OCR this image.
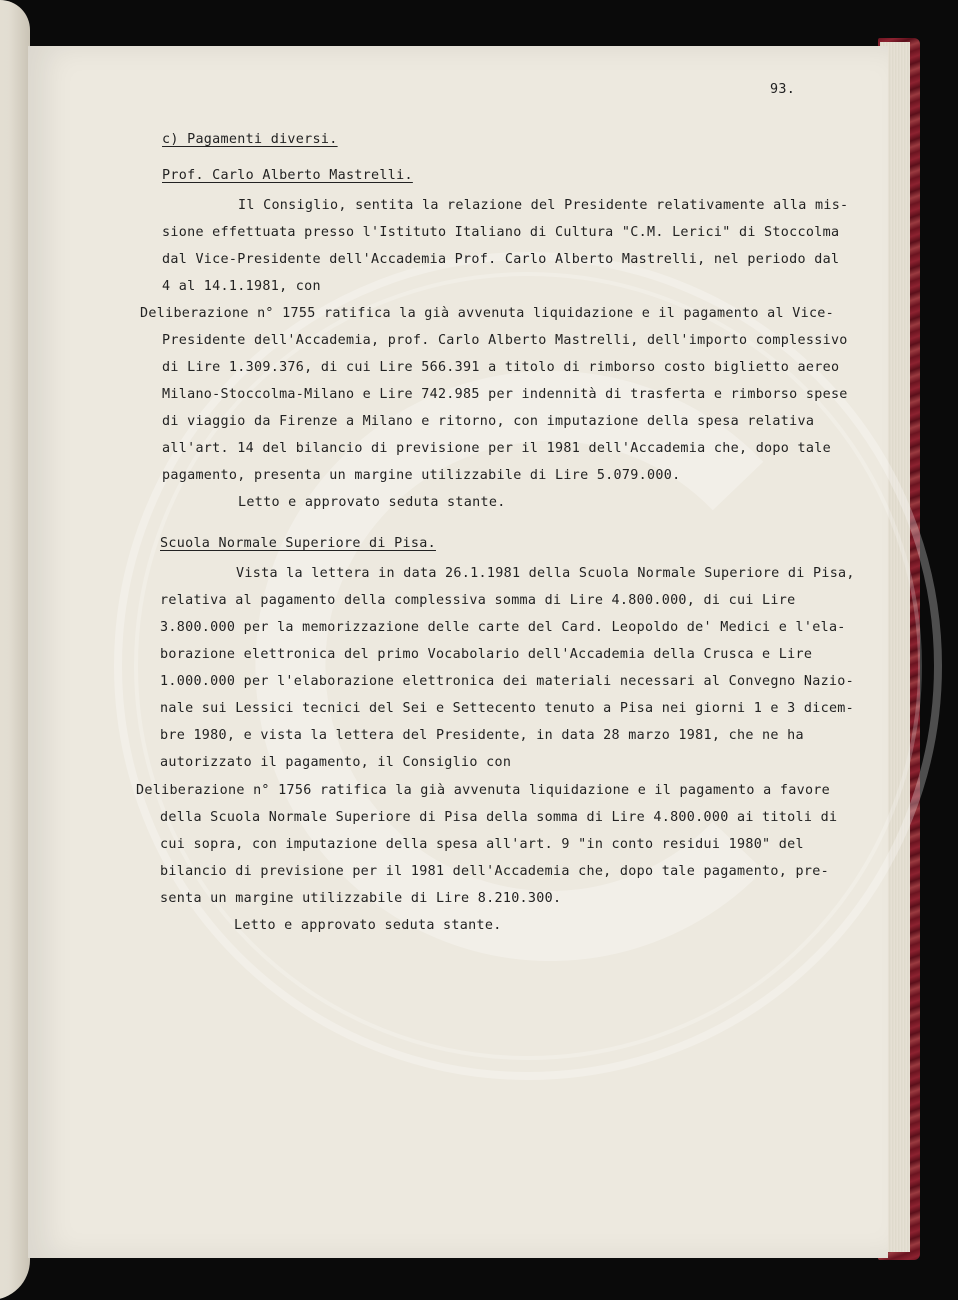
93.
c) Pagamenti diversi.
Prof. Carlo Alberto Mastrelli.
Il Consiglio, sentita la relazione del Presidente relativamente alla mis-
sione effettuata presso l'Istituto Italiano di Cultura "C.M. Lerici" di Stoccolma
dal Vice-Presidente dell'Accademia Prof. Carlo Alberto Mastrelli, nel periodo dal
4 al 14.1.1981, con
Deliberazione n° 1755 ratifica la già avvenuta liquidazione e il pagamento al Vice-
Presidente dell'Accademia, prof. Carlo Alberto Mastrelli, dell'importo complessivo
di Lire 1.309.376, di cui Lire 566.391 a titolo di rimborso costo biglietto aereo
Milano-Stoccolma-Milano e Lire 742.985 per indennità di trasferta e rimborso spese
di viaggio da Firenze a Milano e ritorno, con imputazione della spesa relativa
all'art. 14 del bilancio di previsione per il 1981 dell'Accademia che, dopo tale
pagamento, presenta un margine utilizzabile di Lire 5.079.000.
Letto e approvato seduta stante.
Scuola Normale Superiore di Pisa.
Vista la lettera in data 26.1.1981 della Scuola Normale Superiore di Pisa,
relativa al pagamento della complessiva somma di Lire 4.800.000, di cui Lire
3.800.000 per la memorizzazione delle carte del Card. Leopoldo de' Medici e l'ela-
borazione elettronica del primo Vocabolario dell'Accademia della Crusca e Lire
1.000.000 per l'elaborazione elettronica dei materiali necessari al Convegno Nazio-
nale sui Lessici tecnici del Sei e Settecento tenuto a Pisa nei giorni 1 e 3 dicem-
bre 1980, e vista la lettera del Presidente, in data 28 marzo 1981, che ne ha
autorizzato il pagamento, il Consiglio con
Deliberazione n° 1756 ratifica la già avvenuta liquidazione e il pagamento a favore
della Scuola Normale Superiore di Pisa della somma di Lire 4.800.000 ai titoli di
cui sopra, con imputazione della spesa all'art. 9 "in conto residui 1980" del
bilancio di previsione per il 1981 dell'Accademia che, dopo tale pagamento, pre-
senta un margine utilizzabile di Lire 8.210.300.
Letto e approvato seduta stante.
